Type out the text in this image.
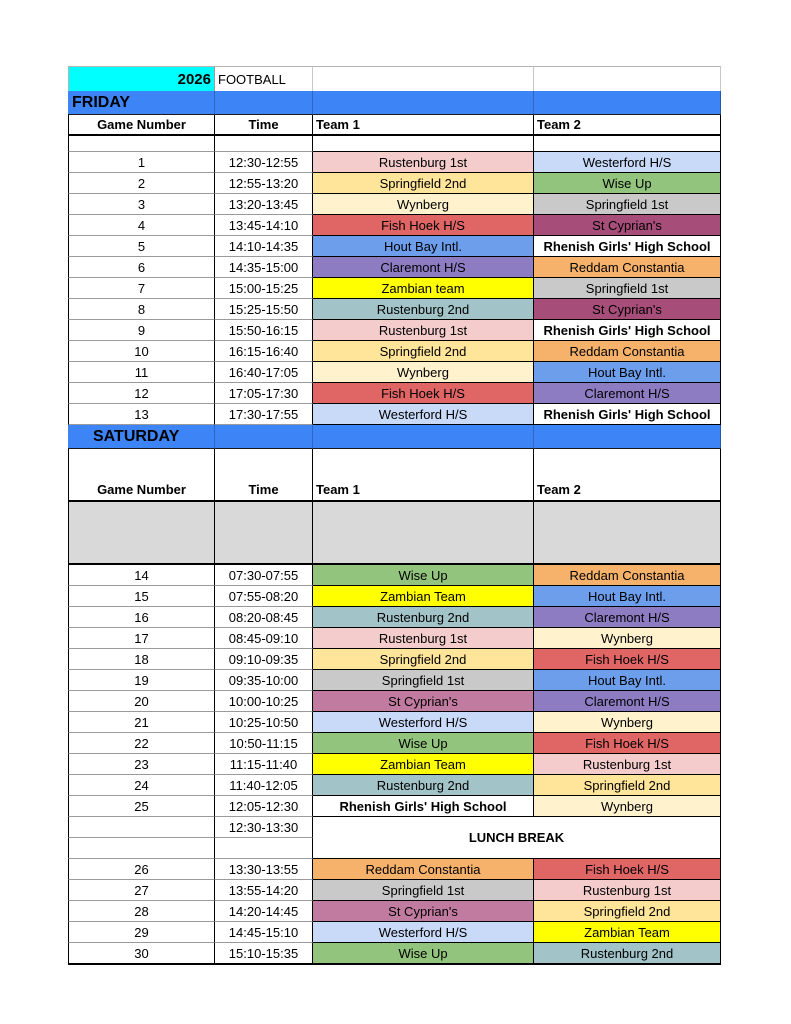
2026	FOOTBALL		
FRIDAY			
Game Number	Time	Team 1	Team 2

1	12:30-12:55	Rustenburg 1st	Westerford H/S
2	12:55-13:20	Springfield 2nd	Wise Up
3	13:20-13:45	Wynberg	Springfield 1st
4	13:45-14:10	Fish Hoek H/S	St Cyprian's
5	14:10-14:35	Hout Bay Intl.	Rhenish Girls' High School
6	14:35-15:00	Claremont H/S	Reddam Constantia
7	15:00-15:25	Zambian team	Springfield 1st
8	15:25-15:50	Rustenburg 2nd	St Cyprian's
9	15:50-16:15	Rustenburg 1st	Rhenish Girls' High School
10	16:15-16:40	Springfield 2nd	Reddam Constantia
11	16:40-17:05	Wynberg	Hout Bay Intl.
12	17:05-17:30	Fish Hoek H/S	Claremont H/S
13	17:30-17:55	Westerford H/S	Rhenish Girls' High School
SATURDAY			
Game Number	Time	Team 1	Team 2

14	07:30-07:55	Wise Up	Reddam Constantia
15	07:55-08:20	Zambian Team	Hout Bay Intl.
16	08:20-08:45	Rustenburg 2nd	Claremont H/S
17	08:45-09:10	Rustenburg 1st	Wynberg
18	09:10-09:35	Springfield 2nd	Fish Hoek H/S
19	09:35-10:00	Springfield 1st	Hout Bay Intl.
20	10:00-10:25	St Cyprian's	Claremont H/S
21	10:25-10:50	Westerford H/S	Wynberg
22	10:50-11:15	Wise Up	Fish Hoek H/S
23	11:15-11:40	Zambian Team	Rustenburg 1st
24	11:40-12:05	Rustenburg 2nd	Springfield 2nd
25	12:05-12:30	Rhenish Girls' High School	Wynberg
	12:30-13:30	LUNCH BREAK	

26	13:30-13:55	Reddam Constantia	Fish Hoek H/S
27	13:55-14:20	Springfield 1st	Rustenburg 1st
28	14:20-14:45	St Cyprian's	Springfield 2nd
29	14:45-15:10	Westerford H/S	Zambian Team
30	15:10-15:35	Wise Up	Rustenburg 2nd
